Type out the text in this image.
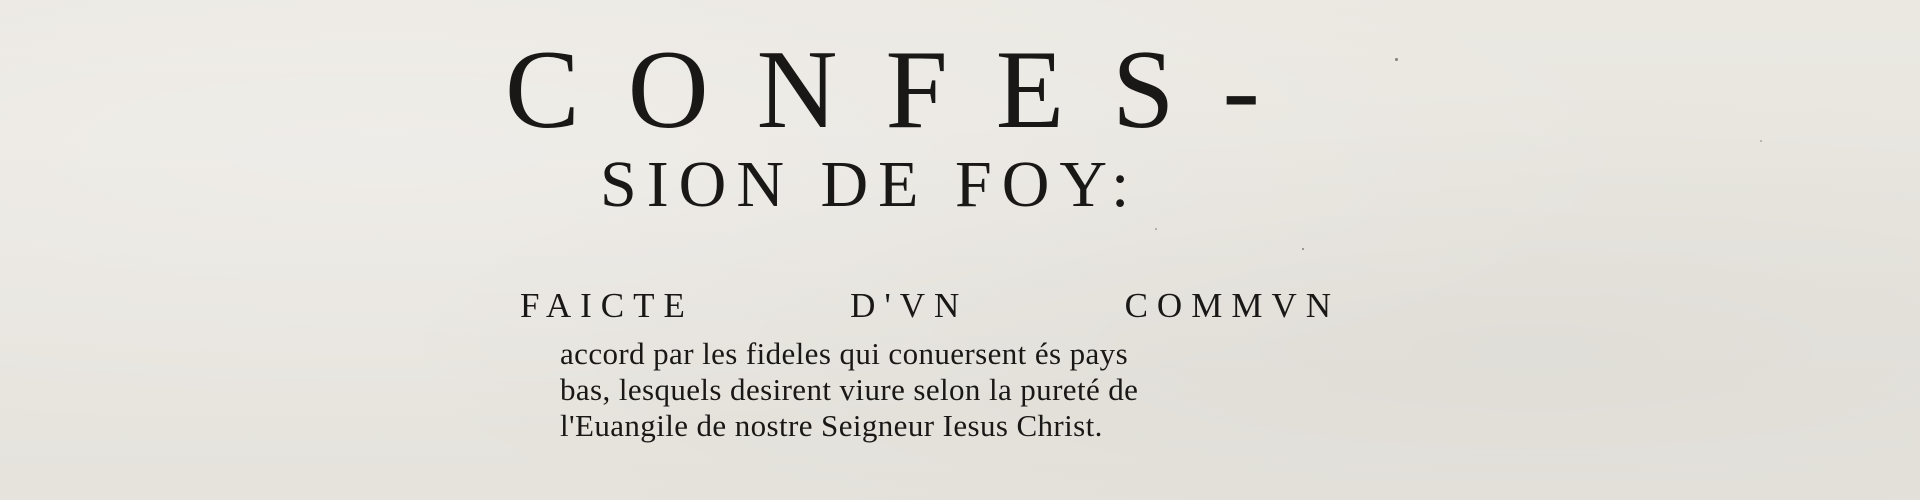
CONFES-
SION DE FOY:
FAICTE	D'VN	COMMVN
accord par les fideles qui conuersent és pays
bas, lesquels desirent viure selon la pureté de
l'Euangile de nostre Seigneur Iesus Christ.
